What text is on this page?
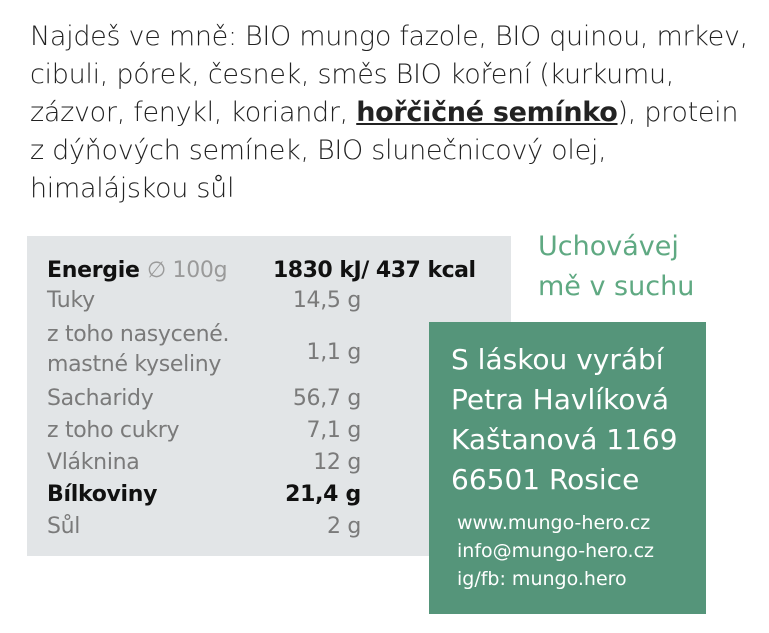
Najdeš ve mně: BIO mungo fazole, BIO quinou, mrkev, cibuli, pórek, česnek, směs BIO koření (kurkumu, zázvor, fenykl, koriandr, hořčičné semínko), protein z dýňových semínek, BIO slunečnicový olej, himalájskou sůl
Energie ∅ 100g 1830 kJ/ 437 kcal
Tuky	14,5 g
z toho nasycené.
mastné kyseliny	1,1 g
Sacharidy	56,7 g
z toho cukry	7,1 g
Vláknina	12 g
Bílkoviny	21,4 g
Sůl	2 g
Uchovávej
mě v suchu
S láskou vyrábí
Petra Havlíková
Kaštanová 1169
66501 Rosice
www.mungo-hero.cz
info@mungo-hero.cz
ig/fb: mungo.hero
